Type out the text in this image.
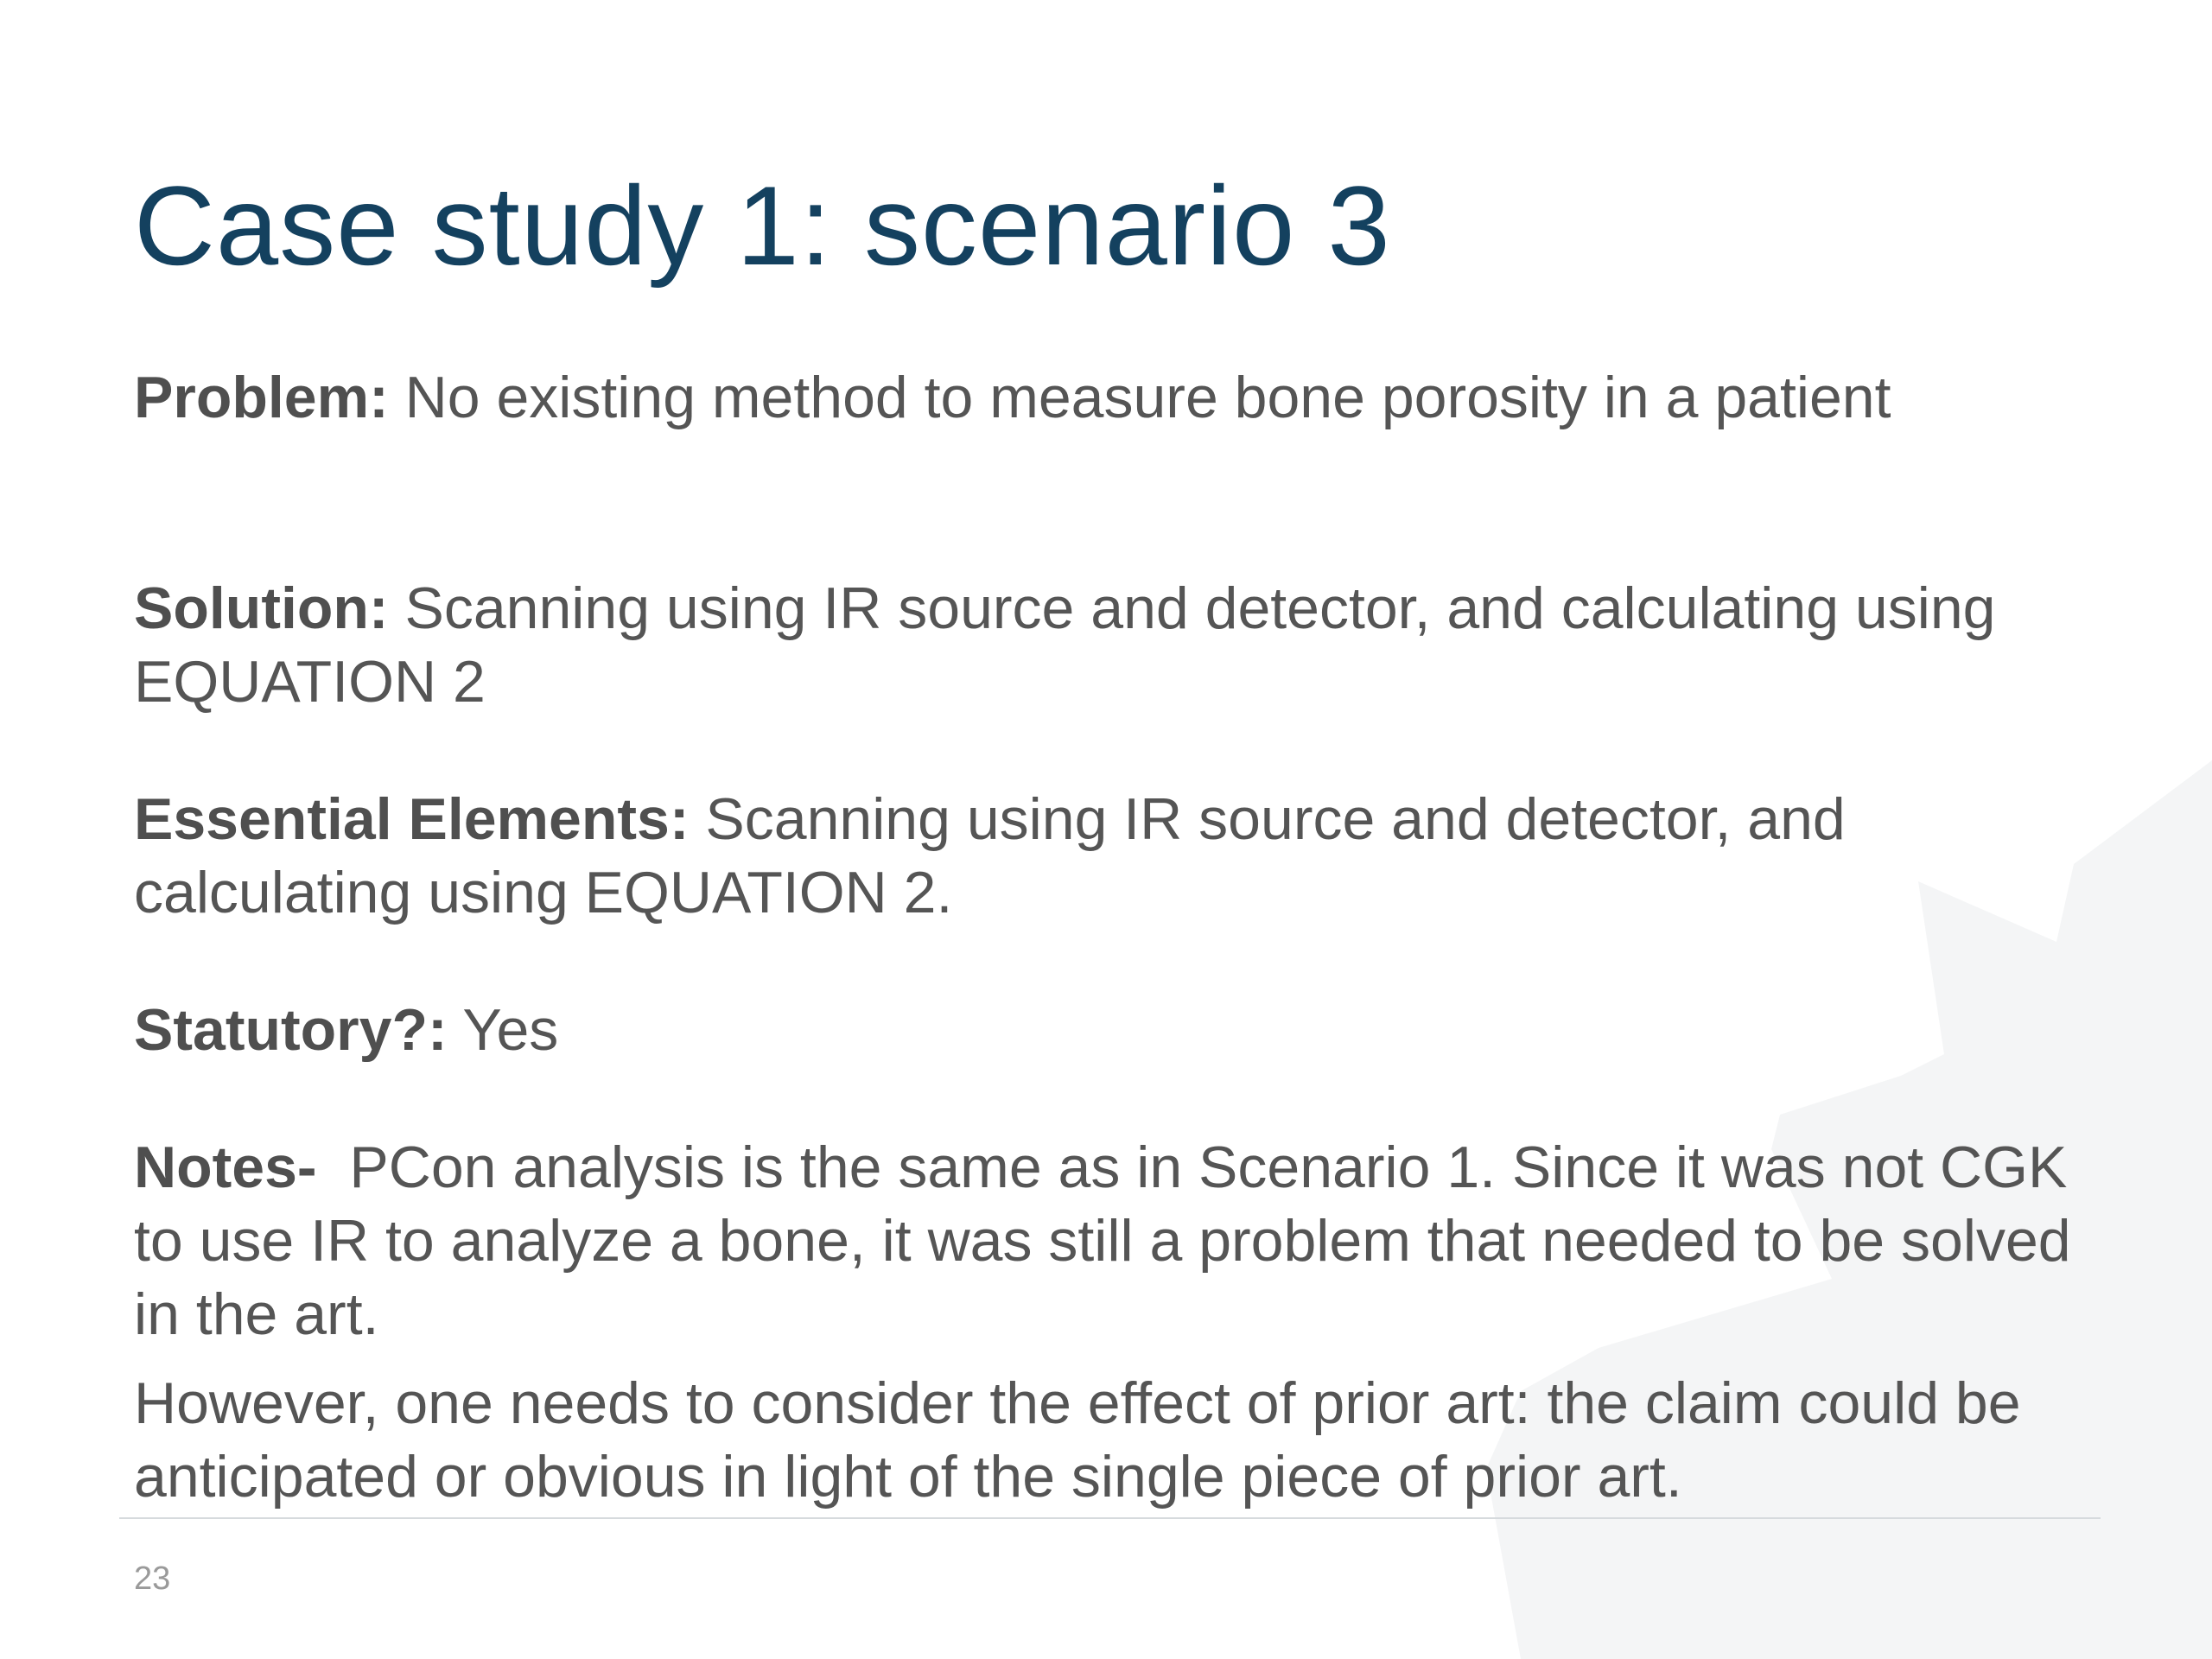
Case study 1: scenario 3

Problem: No existing method to measure bone porosity in a patient

Solution: Scanning using IR source and detector, and calculating using EQUATION 2

Essential Elements: Scanning using IR source and detector, and calculating using EQUATION 2.

Statutory?: Yes

Notes- PCon analysis is the same as in Scenario 1. Since it was not CGK to use IR to analyze a bone, it was still a problem that needed to be solved in the art.

However, one needs to consider the effect of prior art: the claim could be anticipated or obvious in light of the single piece of prior art.

23
